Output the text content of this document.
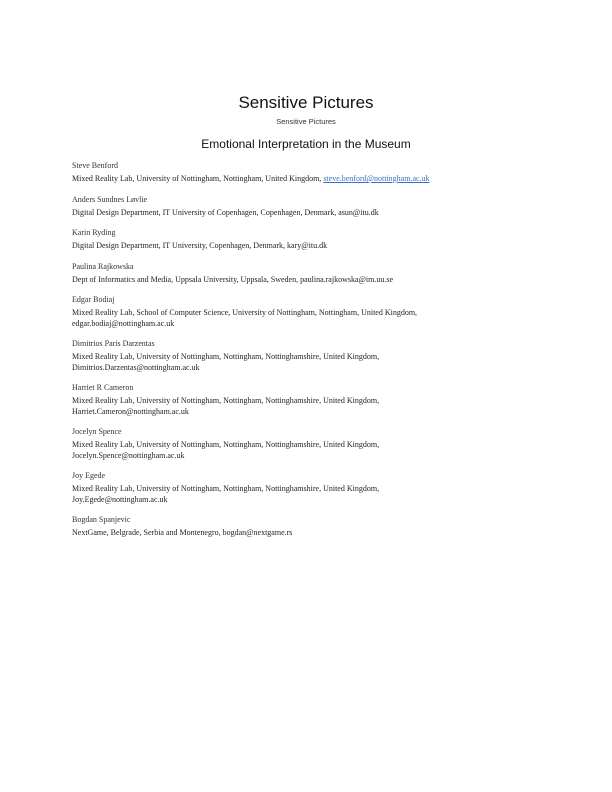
Sensitive Pictures
Sensitive Pictures
Emotional Interpretation in the Museum
Steve Benford
Mixed Reality Lab, University of Nottingham, Nottingham, United Kingdom, steve.benford@nottingham.ac.uk
Anders Sundnes Løvlie
Digital Design Department, IT University of Copenhagen, Copenhagen, Denmark, asun@itu.dk
Karin Ryding
Digital Design Department, IT University, Copenhagen, Denmark, kary@itu.dk
Paulina Rajkowska
Dept of Informatics and Media, Uppsala University, Uppsala, Sweden, paulina.rajkowska@im.uu.se
Edgar Bodiaj
Mixed Reality Lab, School of Computer Science, University of Nottingham, Nottingham, United Kingdom,
edgar.bodiaj@nottingham.ac.uk
Dimitrios Paris Darzentas
Mixed Reality Lab, University of Nottingham, Nottingham, Nottinghamshire, United Kingdom,
Dimitrios.Darzentas@nottingham.ac.uk
Harriet R Cameron
Mixed Reality Lab, University of Nottingham, Nottingham, Nottinghamshire, United Kingdom,
Harriet.Cameron@nottingham.ac.uk
Jocelyn Spence
Mixed Reality Lab, University of Nottingham, Nottingham, Nottinghamshire, United Kingdom,
Jocelyn.Spence@nottingham.ac.uk
Joy Egede
Mixed Reality Lab, University of Nottingham, Nottingham, Nottinghamshire, United Kingdom,
Joy.Egede@nottingham.ac.uk
Bogdan Spanjevic
NextGame, Belgrade, Serbia and Montenegro, bogdan@nextgame.rs
